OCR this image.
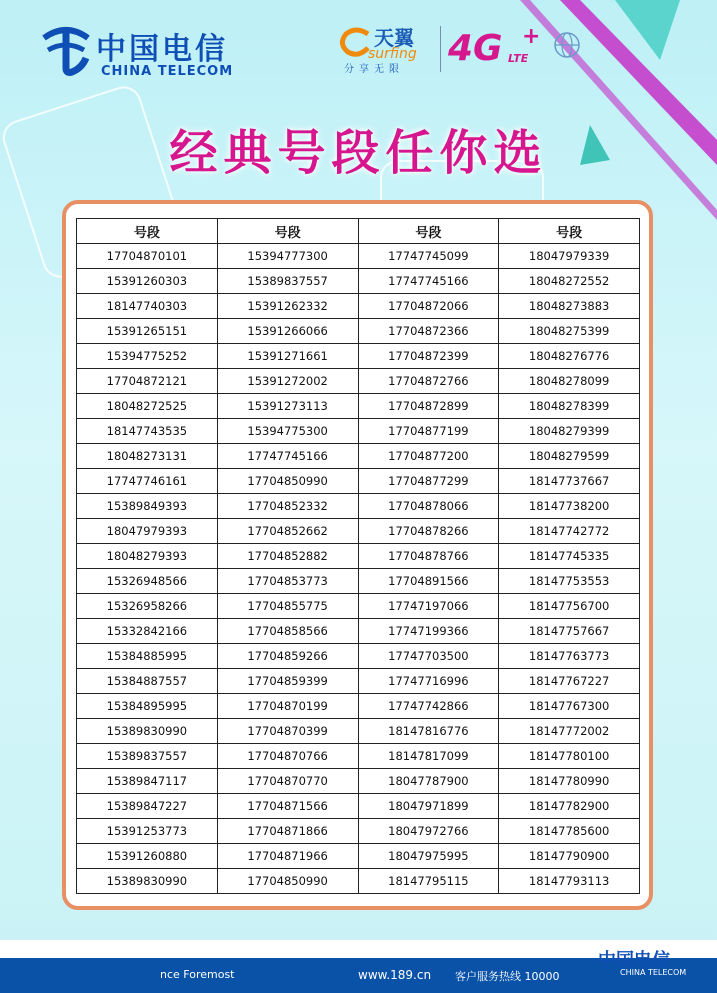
中国电信
CHINA TELECOM
天翼
surfing
分享无限
4G +
LTE
经典号段任你选
号段	号段	号段	号段
17704870101	15394777300	17747745099	18047979339
15391260303	15389837557	17747745166	18048272552
18147740303	15391262332	17704872066	18048273883
15391265151	15391266066	17704872366	18048275399
15394775252	15391271661	17704872399	18048276776
17704872121	15391272002	17704872766	18048278099
18048272525	15391273113	17704872899	18048278399
18147743535	15394775300	17704877199	18048279399
18048273131	17747745166	17704877200	18048279599
17747746161	17704850990	17704877299	18147737667
15389849393	17704852332	17704878066	18147738200
18047979393	17704852662	17704878266	18147742772
18048279393	17704852882	17704878766	18147745335
15326948566	17704853773	17704891566	18147753553
15326958266	17704855775	17747197066	18147756700
15332842166	17704858566	17747199366	18147757667
15384885995	17704859266	17747703500	18147763773
15384887557	17704859399	17747716996	18147767227
15384895995	17704870199	17747742866	18147767300
15389830990	17704870399	18147816776	18147772002
15389837557	17704870766	18147817099	18147780100
15389847117	17704870770	18047787900	18147780990
15389847227	17704871566	18047971899	18147782900
15391253773	17704871866	18047972766	18147785600
15391260880	17704871966	18047975995	18147790900
15389830990	17704850990	18147795115	18147793113
nce Foremost	www.189.cn 客户服务热线 10000
中国电信
CHINA TELECOM
